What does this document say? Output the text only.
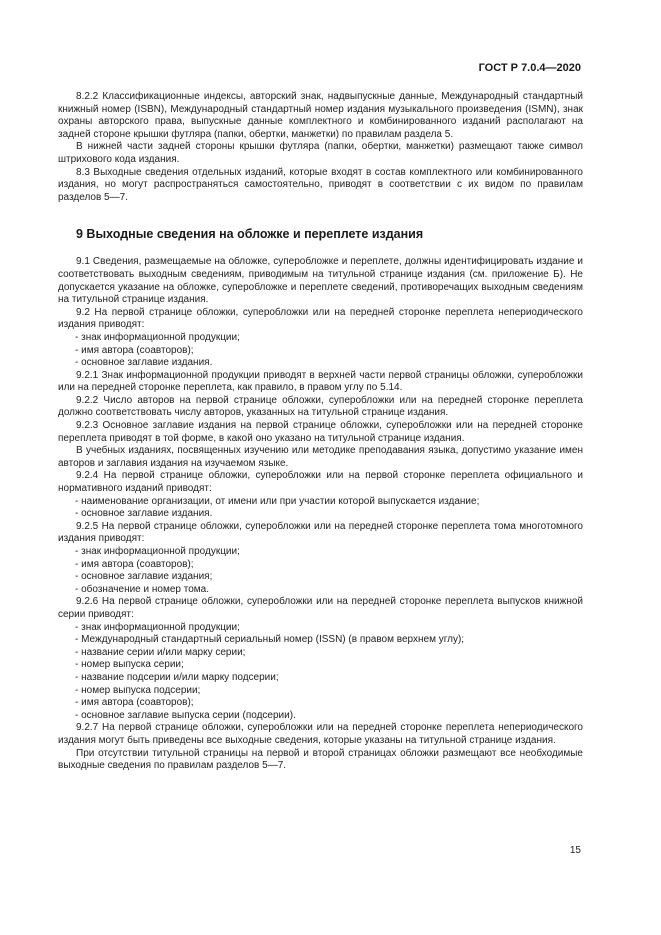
ГОСТ Р 7.0.4—2020

8.2.2 Классификационные индексы, авторский знак, надвыпускные данные, Международный стандартный книжный номер (ISBN), Международный стандартный номер издания музыкального произведения (ISMN), знак охраны авторского права, выпускные данные комплектного и комбинированного изданий располагают на задней стороне крышки футляра (папки, обертки, манжетки) по правилам раздела 5.

В нижней части задней стороны крышки футляра (папки, обертки, манжетки) размещают также символ штрихового кода издания.

8.3 Выходные сведения отдельных изданий, которые входят в состав комплектного или комбинированного издания, но могут распространяться самостоятельно, приводят в соответствии с их видом по правилам разделов 5—7.

9 Выходные сведения на обложке и переплете издания

9.1 Сведения, размещаемые на обложке, суперобложке и переплете, должны идентифицировать издание и соответствовать выходным сведениям, приводимым на титульной странице издания (см. приложение Б). Не допускается указание на обложке, суперобложке и переплете сведений, противоречащих выходным сведениям на титульной странице издания.

9.2 На первой странице обложки, суперобложки или на передней сторонке переплета непериодического издания приводят:

- знак информационной продукции;

- имя автора (соавторов);

- основное заглавие издания.

9.2.1 Знак информационной продукции приводят в верхней части первой страницы обложки, суперобложки или на передней сторонке переплета, как правило, в правом углу по 5.14.

9.2.2 Число авторов на первой странице обложки, суперобложки или на передней сторонке переплета должно соответствовать числу авторов, указанных на титульной странице издания.

9.2.3 Основное заглавие издания на первой странице обложки, суперобложки или на передней сторонке переплета приводят в той форме, в какой оно указано на титульной странице издания.

В учебных изданиях, посвященных изучению или методике преподавания языка, допустимо указание имен авторов и заглавия издания на изучаемом языке.

9.2.4 На первой странице обложки, суперобложки или на первой сторонке переплета официального и нормативного изданий приводят:

- наименование организации, от имени или при участии которой выпускается издание;

- основное заглавие издания.

9.2.5 На первой странице обложки, суперобложки или на передней сторонке переплета тома многотомного издания приводят:

- знак информационной продукции;

- имя автора (соавторов);

- основное заглавие издания;

- обозначение и номер тома.

9.2.6 На первой странице обложки, суперобложки или на передней сторонке переплета выпусков книжной серии приводят:

- знак информационной продукции;

- Международный стандартный сериальный номер (ISSN) (в правом верхнем углу);

- название серии и/или марку серии;

- номер выпуска серии;

- название подсерии и/или марку подсерии;

- номер выпуска подсерии;

- имя автора (соавторов);

- основное заглавие выпуска серии (подсерии).

9.2.7 На первой странице обложки, суперобложки или на передней сторонке переплета непериодического издания могут быть приведены все выходные сведения, которые указаны на титульной странице издания.

При отсутствии титульной страницы на первой и второй страницах обложки размещают все необходимые выходные сведения по правилам разделов 5—7.

15
